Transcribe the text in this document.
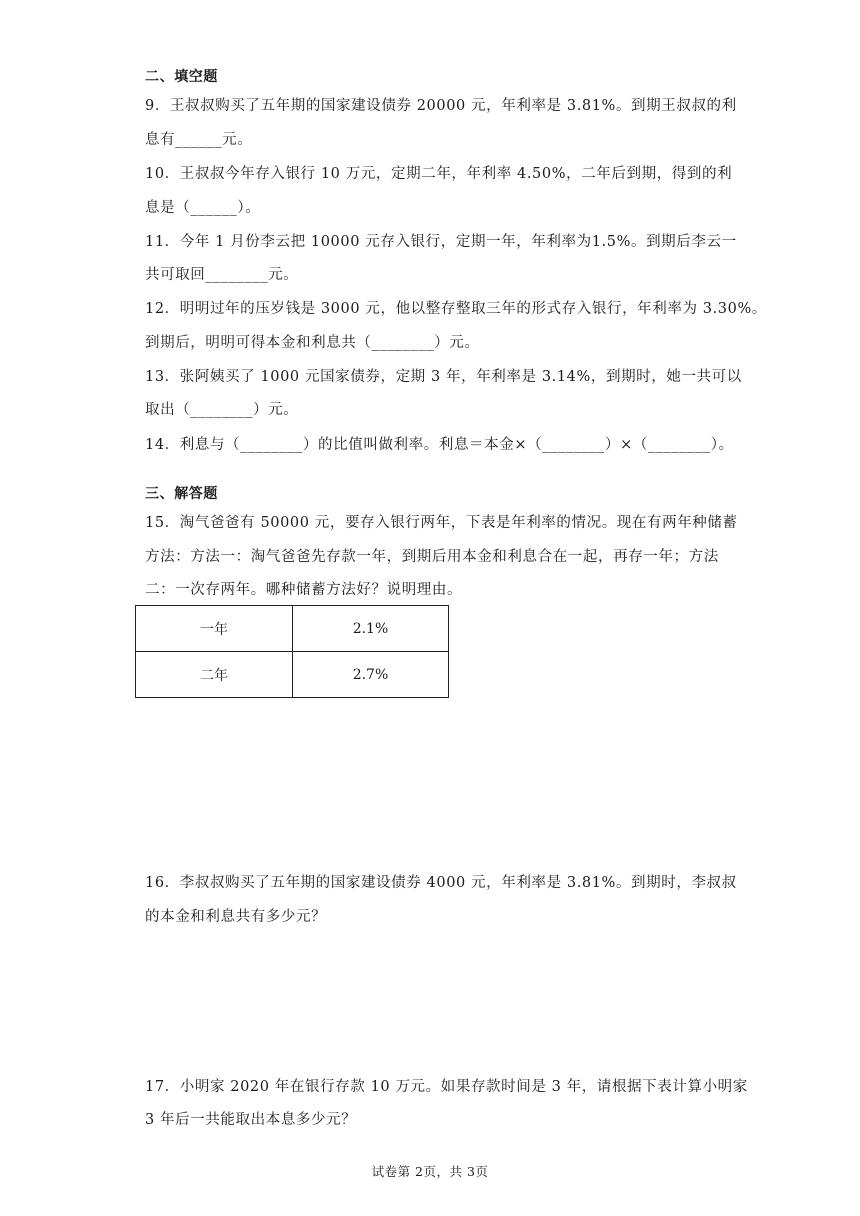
二、填空题
9．王叔叔购买了五年期的国家建设债券 20000 元，年利率是 3.81%。到期王叔叔的利
息有______元。
10．王叔叔今年存入银行 10 万元，定期二年，年利率 4.50%，二年后到期，得到的利
息是（______）。
11．今年 1 月份李云把 10000 元存入银行，定期一年，年利率为1.5%。到期后李云一
共可取回________元。
12．明明过年的压岁钱是 3000 元，他以整存整取三年的形式存入银行，年利率为 3.30%。
到期后，明明可得本金和利息共（________）元。
13．张阿姨买了 1000 元国家债券，定期 3 年，年利率是 3.14%，到期时，她一共可以
取出（________）元。
14．利息与（________）的比值叫做利率。利息＝本金×（________）×（________）。
三、解答题
15．淘气爸爸有 50000 元，要存入银行两年，下表是年利率的情况。现在有两年种储蓄
方法：方法一：淘气爸爸先存款一年，到期后用本金和利息合在一起，再存一年；方法
二：一次存两年。哪种储蓄方法好？说明理由。
一年	2.1%
二年	2.7%
16．李叔叔购买了五年期的国家建设债券 4000 元，年利率是 3.81%。到期时，李叔叔
的本金和利息共有多少元？
17．小明家 2020 年在银行存款 10 万元。如果存款时间是 3 年，请根据下表计算小明家
3 年后一共能取出本息多少元？
试卷第 2页，共 3页
